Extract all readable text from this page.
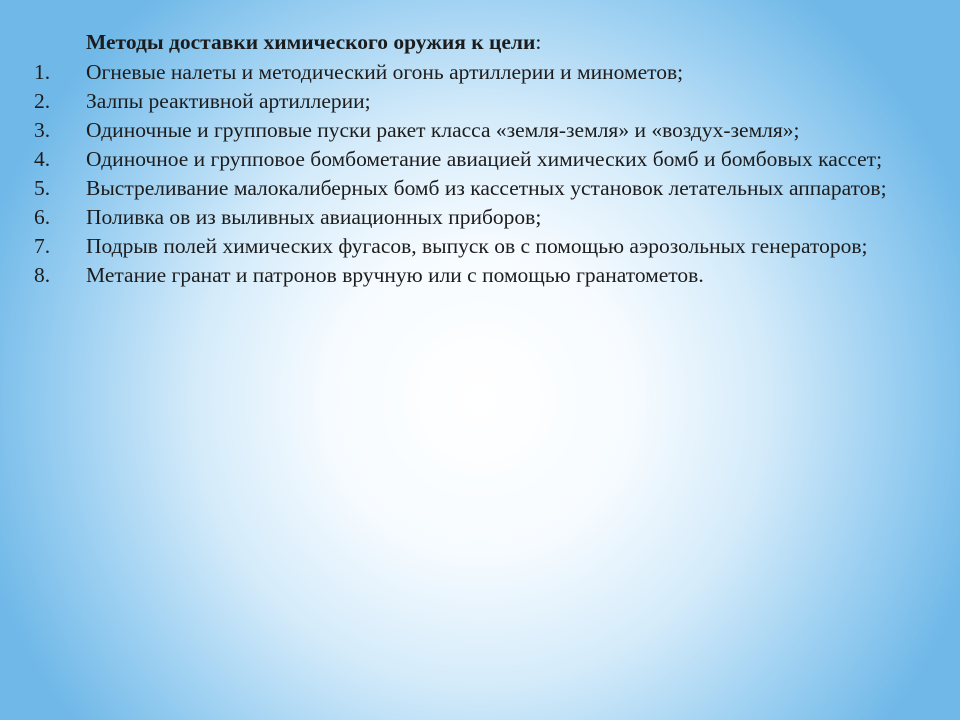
Методы доставки химического оружия к цели:
1.	Огневые налеты и методический огонь артиллерии и минометов;
2.	Залпы реактивной артиллерии;
3.	Одиночные и групповые пуски ракет класса «земля-земля» и «воздух-земля»;
4.	Одиночное и групповое бомбометание авиацией химических бомб и бомбовых кассет;
5.	Выстреливание малокалиберных бомб из кассетных установок летательных аппаратов;
6.	Поливка ов из выливных авиационных приборов;
7.	Подрыв полей химических фугасов, выпуск ов с помощью аэрозольных генераторов;
8.	Метание гранат и патронов вручную или с помощью гранатометов.
